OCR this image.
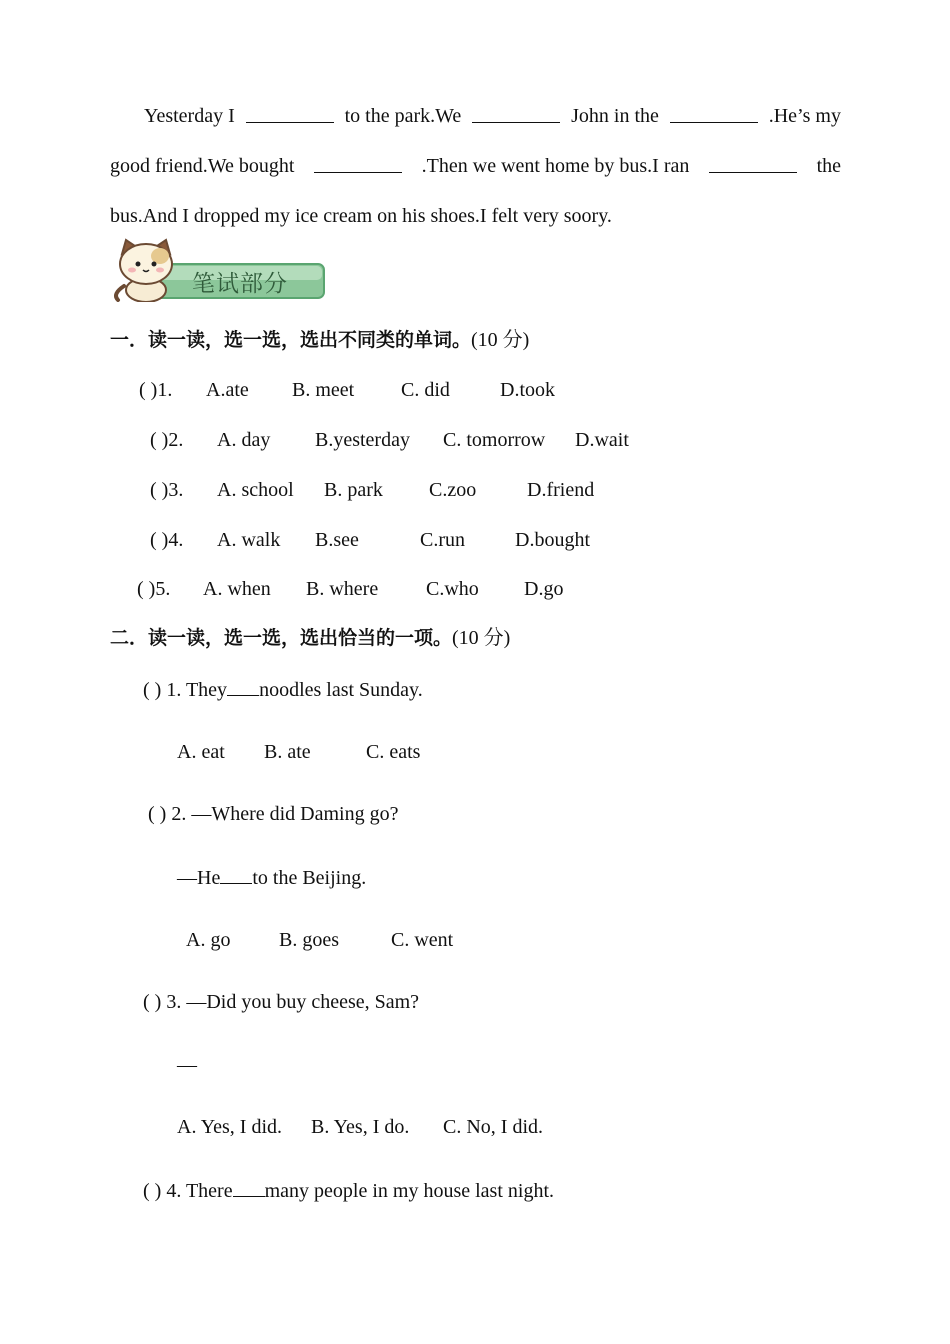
Yesterday I	to the park.We	John in the	.He’s my
good friend.We bought	.Then we went home by bus.I ran	the
bus.And I dropped my ice cream on his shoes.I felt very soory.
笔试部分
一．读一读，选一选，选出不同类的单词。(10 分)
( )1. A.ate B. meet C. did	D.took
( )2. A. day B.yesterday C. tomorrow D.wait
( )3. A. school B. park C.zoo	D.friend
( )4. A. walk B.see	C.run	D.bought
( )5. A. when B. where C.who D.go
二．读一读，选一选，选出恰当的一项。(10 分)
( ) 1. They noodles last Sunday.
A. eat B. ate	C. eats
( ) 2. —Where did Daming go?
—He to the Beijing.
A. go B. goes	C. went
( ) 3. —Did you buy cheese, Sam?
—
A. Yes, I did. B. Yes, I do. C. No, I did.
( ) 4. There many people in my house last night.
